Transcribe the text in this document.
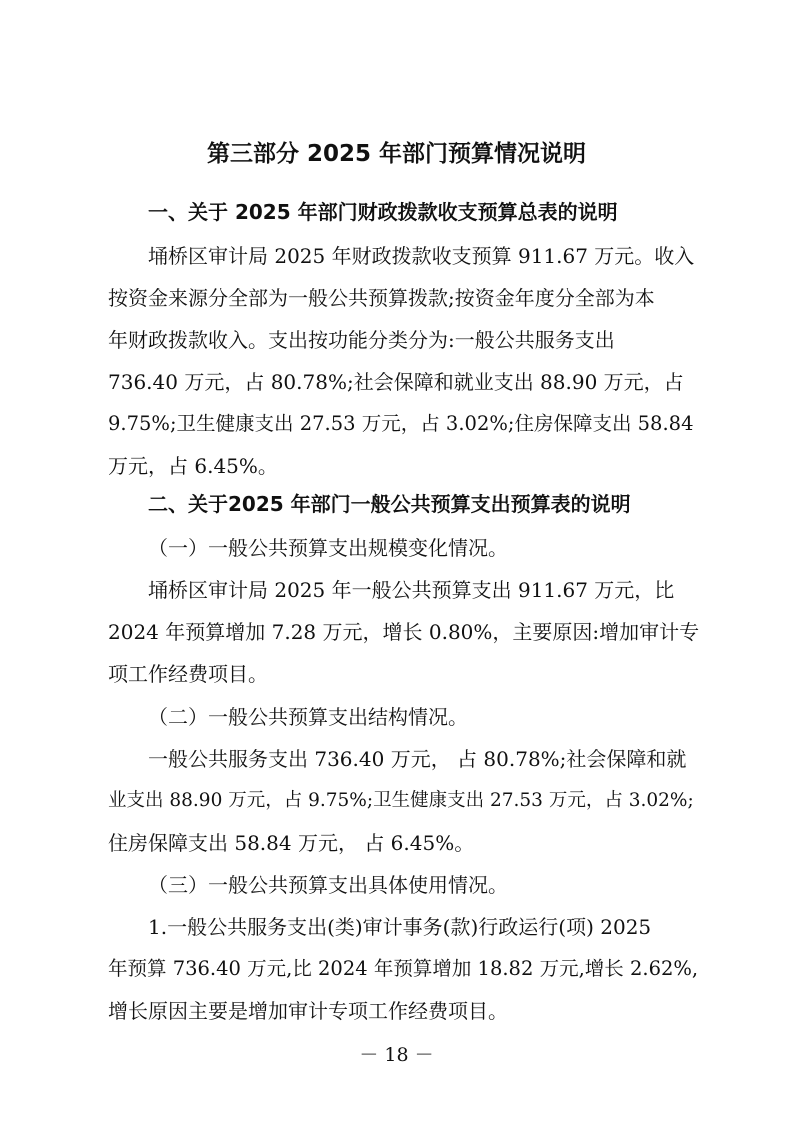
第三部分 2025 年部门预算情况说明
一、关于 2025 年部门财政拨款收支预算总表的说明
埇桥区审计局 2025 年财政拨款收支预算 911.67 万元。收入
按资金来源分全部为一般公共预算拨款;按资金年度分全部为本
年财政拨款收入。支出按功能分类分为:一般公共服务支出
736.40 万元，占 80.78%;社会保障和就业支出 88.90 万元，占
9.75%;卫生健康支出 27.53 万元，占 3.02%;住房保障支出 58.84
万元，占 6.45%。
二、关于2025 年部门一般公共预算支出预算表的说明
（一）一般公共预算支出规模变化情况。
埇桥区审计局 2025 年一般公共预算支出 911.67 万元，比
2024 年预算增加 7.28 万元，增长 0.80%，主要原因:增加审计专
项工作经费项目。
（二）一般公共预算支出结构情况。
一般公共服务支出 736.40 万元， 占 80.78%;社会保障和就
业支出 88.90 万元，占 9.75%;卫生健康支出 27.53 万元，占 3.02%;
住房保障支出 58.84 万元， 占 6.45%。
（三）一般公共预算支出具体使用情况。
1.一般公共服务支出(类)审计事务(款)行政运行(项) 2025
年预算 736.40 万元,比 2024 年预算增加 18.82 万元,增长 2.62%,
增长原因主要是增加审计专项工作经费项目。
－ 18 －
